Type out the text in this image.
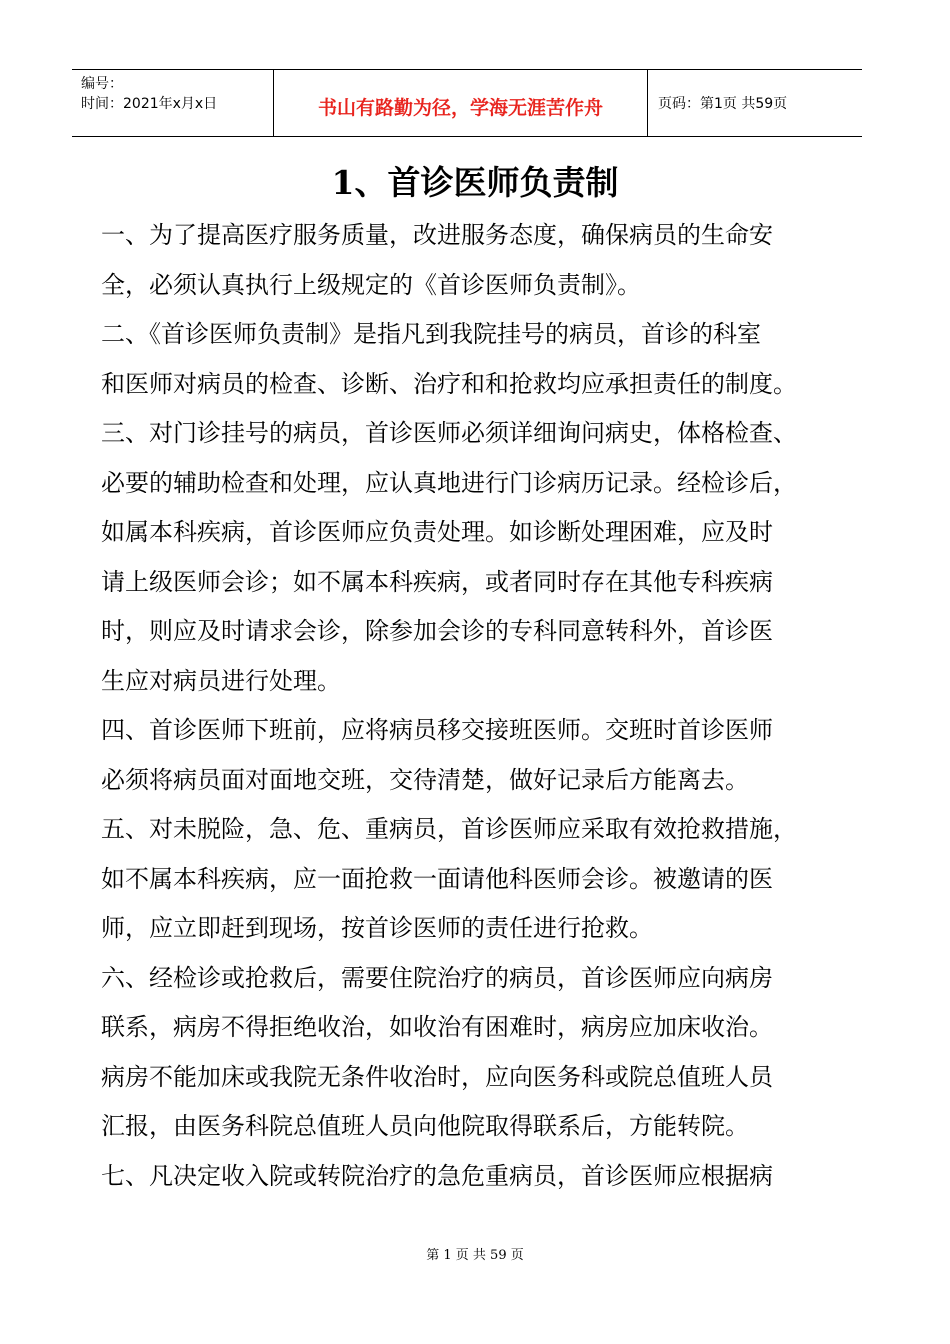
编号：
时间：2021年x月x日	书山有路勤为径，学海无涯苦作舟	页码：第1页 共59页
1、首诊医师负责制

一、为了提高医疗服务质量，改进服务态度，确保病员的生命安
全，必须认真执行上级规定的《首诊医师负责制》。

二、《首诊医师负责制》是指凡到我院挂号的病员，首诊的科室
和医师对病员的检查、诊断、治疗和和抢救均应承担责任的制度。

三、对门诊挂号的病员，首诊医师必须详细询问病史，体格检查、
必要的辅助检查和处理，应认真地进行门诊病历记录。经检诊后，
如属本科疾病，首诊医师应负责处理。如诊断处理困难，应及时
请上级医师会诊；如不属本科疾病，或者同时存在其他专科疾病
时，则应及时请求会诊，除参加会诊的专科同意转科外，首诊医
生应对病员进行处理。

四、首诊医师下班前，应将病员移交接班医师。交班时首诊医师
必须将病员面对面地交班，交待清楚，做好记录后方能离去。

五、对未脱险，急、危、重病员，首诊医师应采取有效抢救措施，
如不属本科疾病，应一面抢救一面请他科医师会诊。被邀请的医
师，应立即赶到现场，按首诊医师的责任进行抢救。

六、经检诊或抢救后，需要住院治疗的病员，首诊医师应向病房
联系，病房不得拒绝收治，如收治有困难时，病房应加床收治。
病房不能加床或我院无条件收治时，应向医务科或院总值班人员
汇报，由医务科院总值班人员向他院取得联系后，方能转院。

七、凡决定收入院或转院治疗的急危重病员，首诊医师应根据病

第 1 页 共 59 页
